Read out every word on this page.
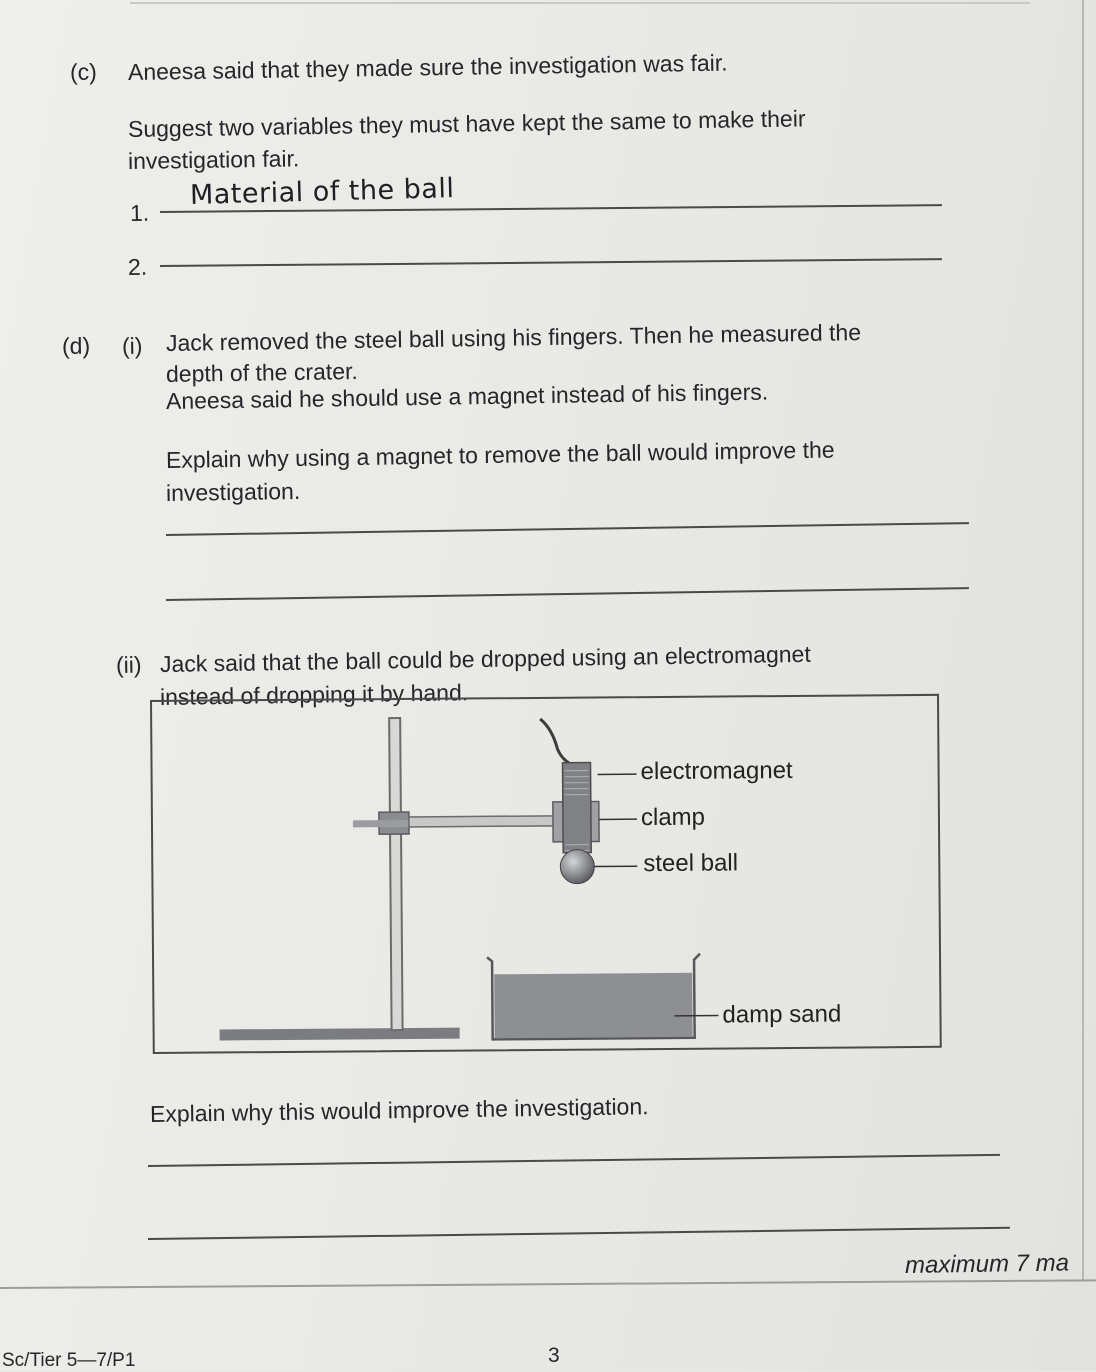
(c) Aneesa said that they made sure the investigation was fair.
Suggest two variables they must have kept the same to make their
investigation fair.
1.
Material of the ball
2.
(d) (i) Jack removed the steel ball using his fingers. Then he measured the
depth of the crater.
Aneesa said he should use a magnet instead of his fingers.
Explain why using a magnet to remove the ball would improve the
investigation.
(ii) Jack said that the ball could be dropped using an electromagnet
instead of dropping it by hand.
electromagnet
clamp
steel ball
damp sand
Explain why this would improve the investigation.
maximum 7 ma
Sc/Tier 5—7/P1	3
